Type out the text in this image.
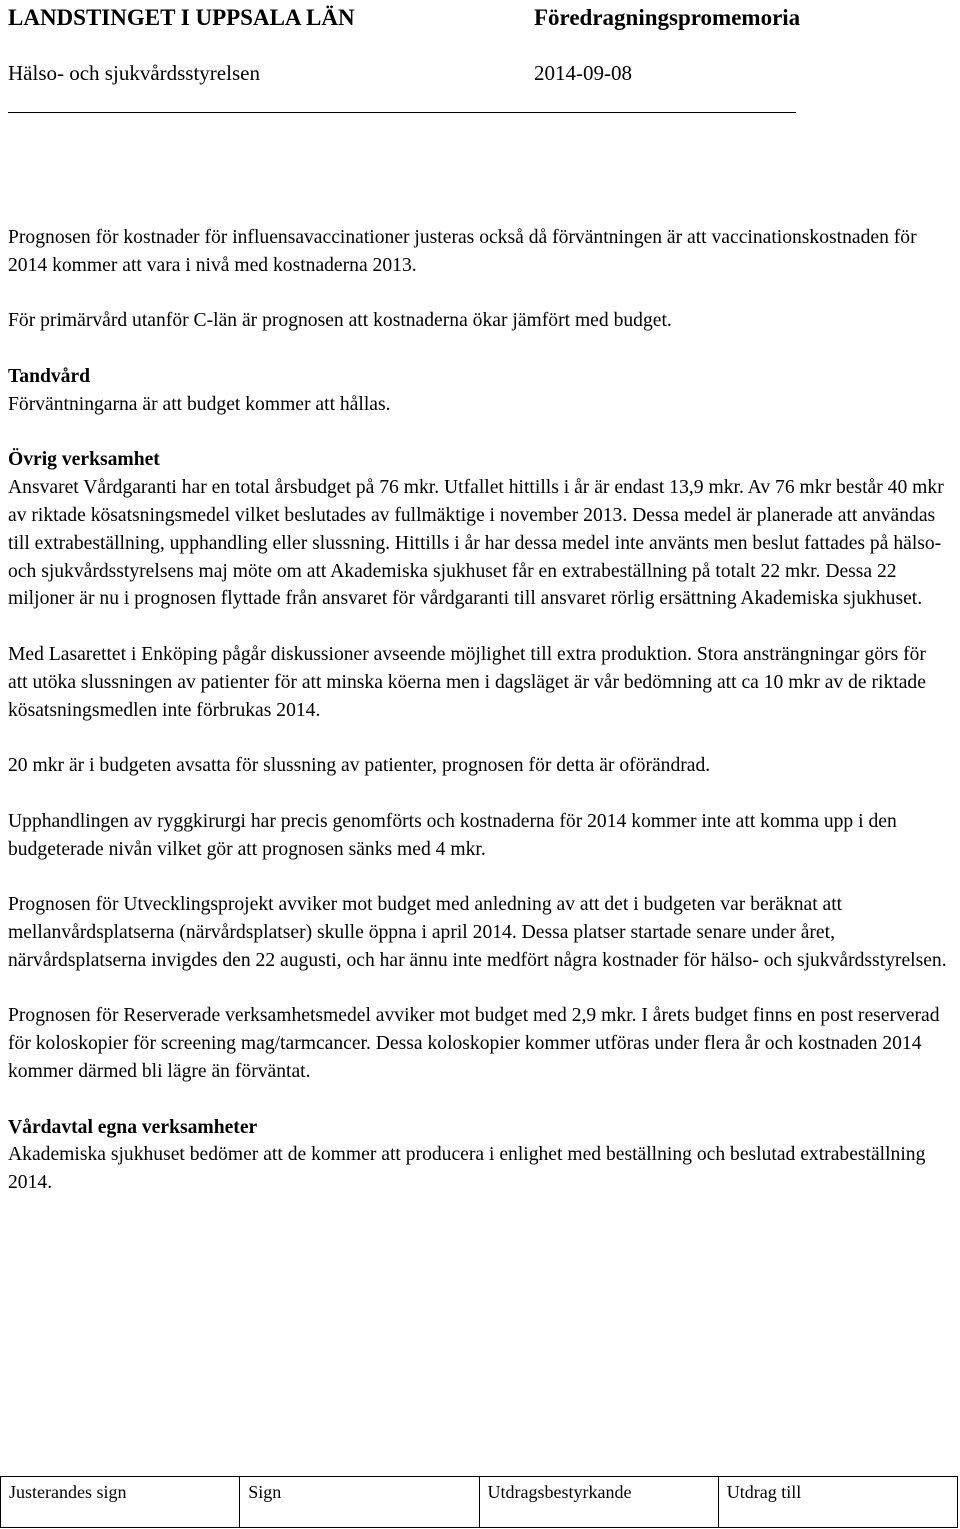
LANDSTINGET I UPPSALA LÄN	Föredragningspromemoria
Hälso- och sjukvårdsstyrelsen	2014-09-08

Prognosen för kostnader för influensavaccinationer justeras också då förväntningen är att vaccinationskostnaden för 2014 kommer att vara i nivå med kostnaderna 2013.

För primärvård utanför C-län är prognosen att kostnaderna ökar jämfört med budget.

Tandvård

Förväntningarna är att budget kommer att hållas.

Övrig verksamhet

Ansvaret Vårdgaranti har en total årsbudget på 76 mkr. Utfallet hittills i år är endast 13,9 mkr. Av 76 mkr består 40 mkr av riktade kösatsningsmedel vilket beslutades av fullmäktige i november 2013. Dessa medel är planerade att användas till extrabeställning, upphandling eller slussning. Hittills i år har dessa medel inte använts men beslut fattades på hälso- och sjukvårdsstyrelsens maj möte om att Akademiska sjukhuset får en extrabeställning på totalt 22 mkr. Dessa 22 miljoner är nu i prognosen flyttade från ansvaret för vårdgaranti till ansvaret rörlig ersättning Akademiska sjukhuset.

Med Lasarettet i Enköping pågår diskussioner avseende möjlighet till extra produktion. Stora ansträngningar görs för att utöka slussningen av patienter för att minska köerna men i dagsläget är vår bedömning att ca 10 mkr av de riktade kösatsningsmedlen inte förbrukas 2014.

20 mkr är i budgeten avsatta för slussning av patienter, prognosen för detta är oförändrad.

Upphandlingen av ryggkirurgi har precis genomförts och kostnaderna för 2014 kommer inte att komma upp i den budgeterade nivån vilket gör att prognosen sänks med 4 mkr.

Prognosen för Utvecklingsprojekt avviker mot budget med anledning av att det i budgeten var beräknat att mellanvårdsplatserna (närvårdsplatser) skulle öppna i april 2014. Dessa platser startade senare under året, närvårdsplatserna invigdes den 22 augusti, och har ännu inte medfört några kostnader för hälso- och sjukvårdsstyrelsen.

Prognosen för Reserverade verksamhetsmedel avviker mot budget med 2,9 mkr. I årets budget finns en post reserverad för koloskopier för screening mag/tarmcancer. Dessa koloskopier kommer utföras under flera år och kostnaden 2014 kommer därmed bli lägre än förväntat.

Vårdavtal egna verksamheter

Akademiska sjukhuset bedömer att de kommer att producera i enlighet med beställning och beslutad extrabeställning 2014.

Justerandes sign	Sign	Utdragsbestyrkande	Utdrag till
